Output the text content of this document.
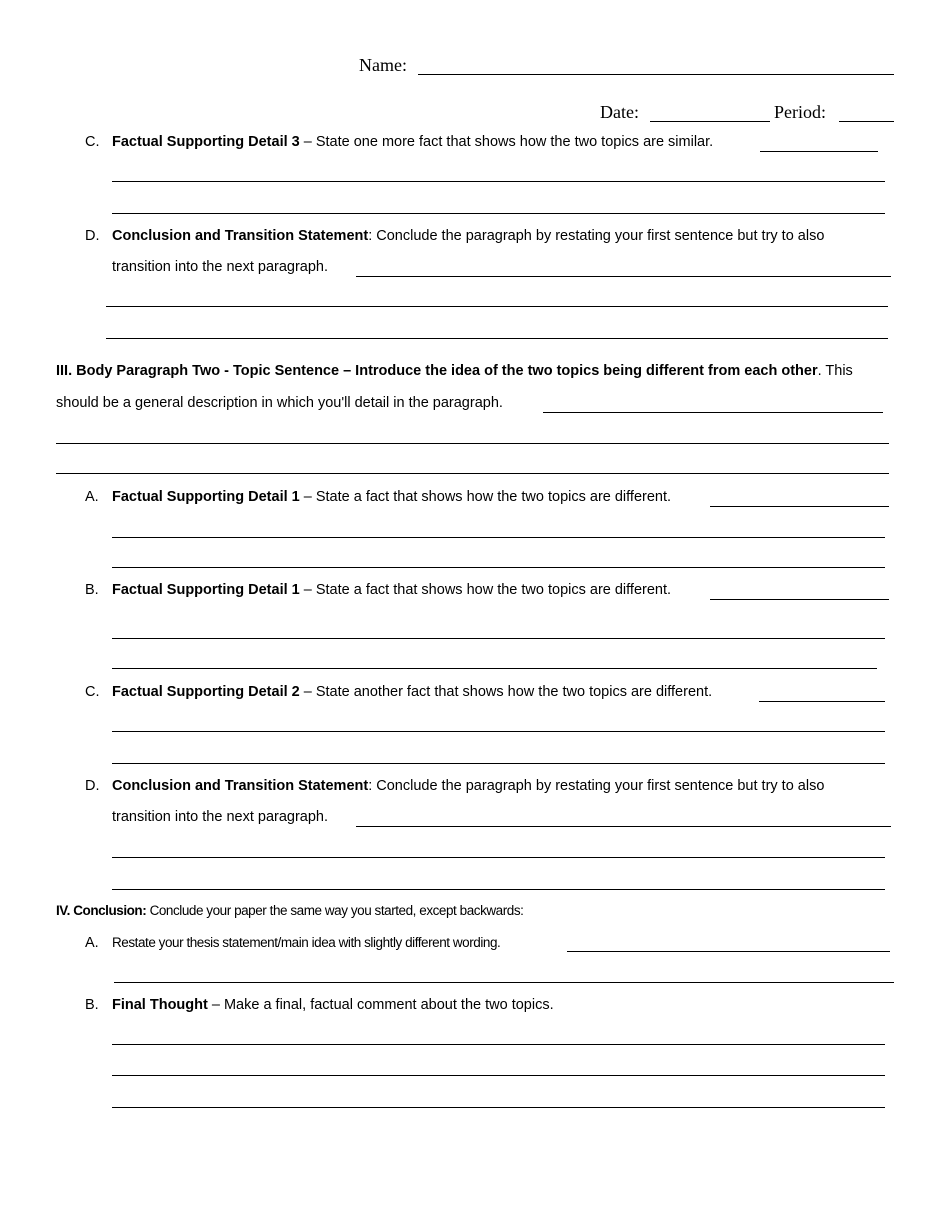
Name:
Date:	Period:
C. Factual Supporting Detail 3 – State one more fact that shows how the two topics are similar.
D. Conclusion and Transition Statement: Conclude the paragraph by restating your first sentence but try to also
transition into the next paragraph.
III. Body Paragraph Two - Topic Sentence – Introduce the idea of the two topics being different from each other. This
should be a general description in which you'll detail in the paragraph.
A. Factual Supporting Detail 1 – State a fact that shows how the two topics are different.
B. Factual Supporting Detail 1 – State a fact that shows how the two topics are different.
C. Factual Supporting Detail 2 – State another fact that shows how the two topics are different.
D. Conclusion and Transition Statement: Conclude the paragraph by restating your first sentence but try to also
transition into the next paragraph.
IV. Conclusion: Conclude your paper the same way you started, except backwards:
A. Restate your thesis statement/main idea with slightly different wording.
B. Final Thought – Make a final, factual comment about the two topics.
